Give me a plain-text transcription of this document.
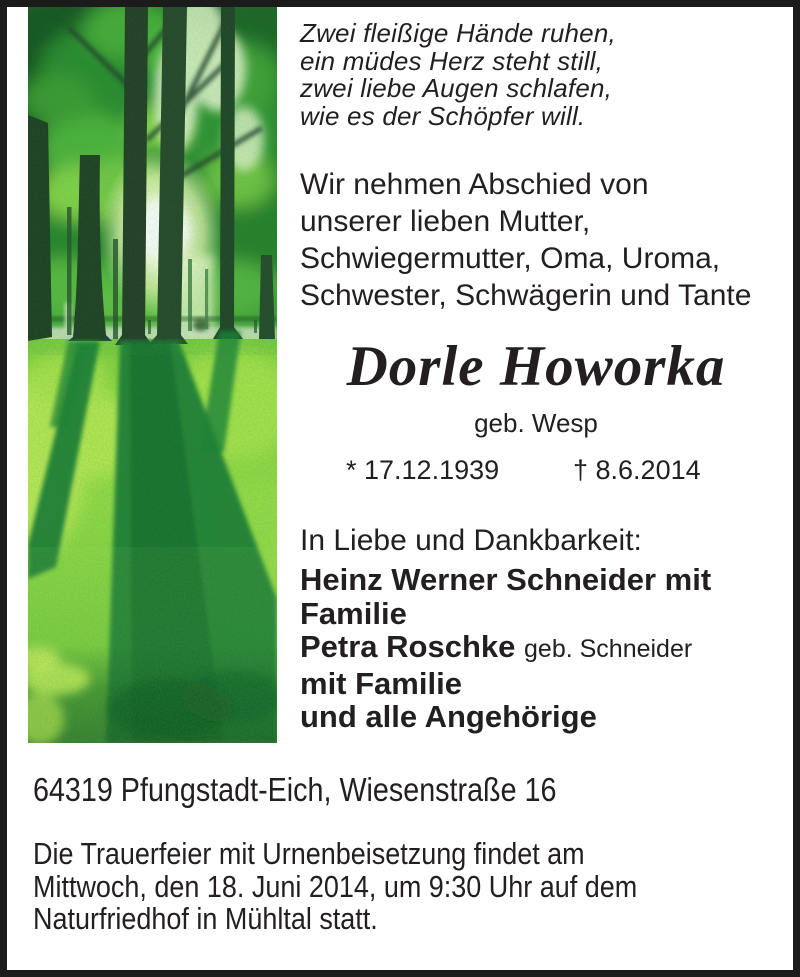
Zwei fleißige Hände ruhen,
ein müdes Herz steht still,
zwei liebe Augen schlafen,
wie es der Schöpfer will.
Wir nehmen Abschied von
unserer lieben Mutter,
Schwiegermutter, Oma, Uroma,
Schwester, Schwägerin und Tante
Dorle Howorka
geb. Wesp
* 17.12.1939	† 8.6.2014
In Liebe und Dankbarkeit:
Heinz Werner Schneider mit
Familie
Petra Roschke geb. Schneider
mit Familie
und alle Angehörige
64319 Pfungstadt-Eich, Wiesenstraße 16
Die Trauerfeier mit Urnenbeisetzung findet am
Mittwoch, den 18. Juni 2014, um 9:30 Uhr auf dem
Naturfriedhof in Mühltal statt.
